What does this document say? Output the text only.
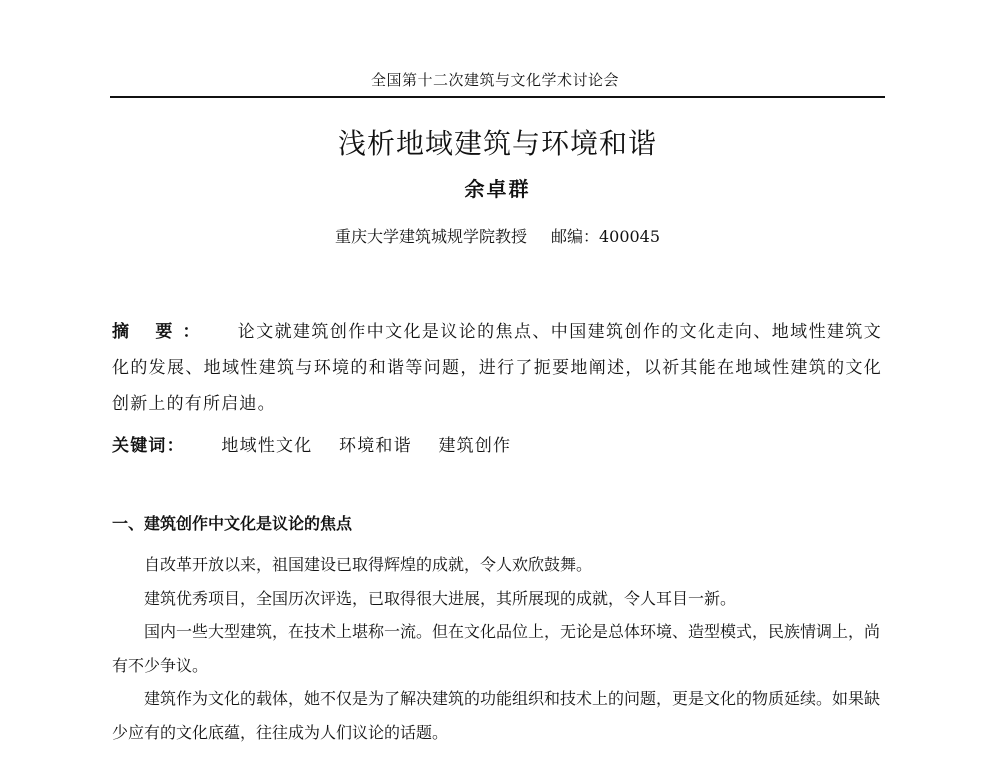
全国第十二次建筑与文化学术讨论会
浅析地域建筑与环境和谐
余卓群
重庆大学建筑城规学院教授 邮编：400045
摘 要： 论文就建筑创作中文化是议论的焦点、中国建筑创作的文化走向、地域性建筑文化的发展、地域性建筑与环境的和谐等问题，进行了扼要地阐述，以祈其能在地域性建筑的文化创新上的有所启迪。
关键词： 地域性文化 环境和谐 建筑创作
一、建筑创作中文化是议论的焦点

自改革开放以来，祖国建设已取得辉煌的成就，令人欢欣鼓舞。

建筑优秀项目，全国历次评选，已取得很大进展，其所展现的成就，令人耳目一新。

国内一些大型建筑，在技术上堪称一流。但在文化品位上，无论是总体环境、造型模式，民族情调上，尚有不少争议。

建筑作为文化的载体，她不仅是为了解决建筑的功能组织和技术上的问题，更是文化的物质延续。如果缺少应有的文化底蕴，往往成为人们议论的话题。
